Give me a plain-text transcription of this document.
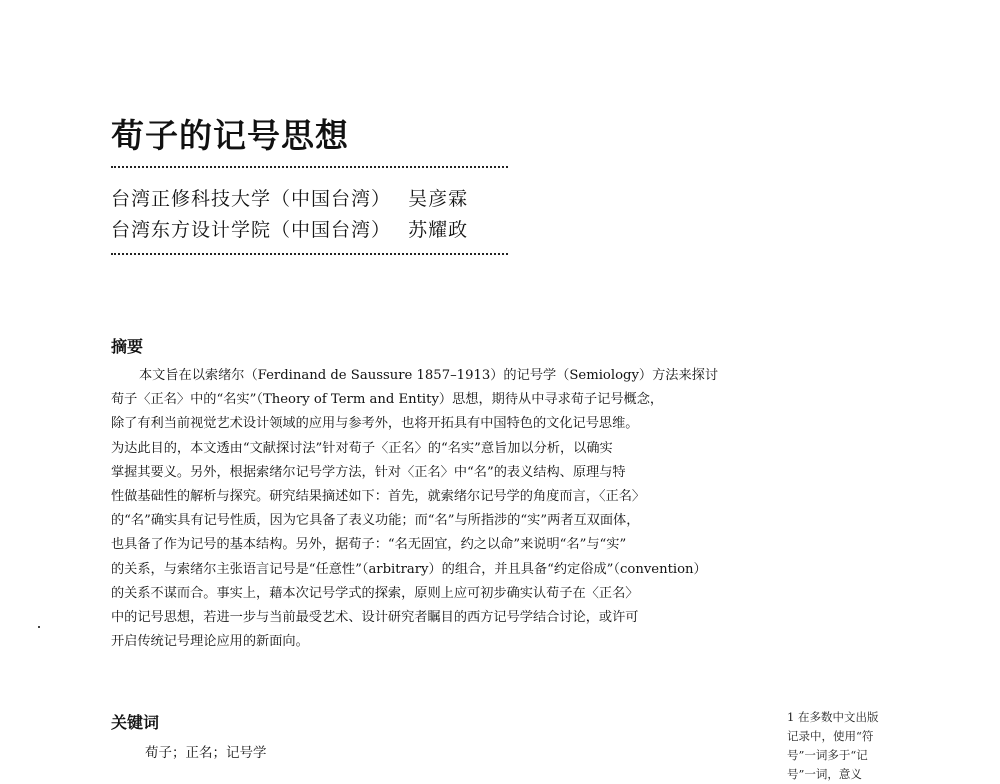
荀子的记号思想
台湾正修科技大学（中国台湾） 吴彦霖
台湾东方设计学院（中国台湾） 苏耀政
摘要
本文旨在以索绪尔（Ferdinand de Saussure 1857–1913）的记号学（Semiology）方法来探讨
荀子〈正名〉中的“名实”（Theory of Term and Entity）思想，期待从中寻求荀子记号概念，
除了有利当前视觉艺术设计领域的应用与参考外，也将开拓具有中国特色的文化记号思维。
为达此目的，本文透由“文献探讨法”针对荀子〈正名〉的“名实”意旨加以分析，以确实
掌握其要义。另外，根据索绪尔记号学方法，针对〈正名〉中“名”的表义结构、原理与特
性做基础性的解析与探究。研究结果摘述如下：首先，就索绪尔记号学的角度而言，〈正名〉
的“名”确实具有记号性质，因为它具备了表义功能；而“名”与所指涉的“实”两者互双面体，
也具备了作为记号的基本结构。另外，据荀子：“名无固宜，约之以命”来说明“名”与“实”
的关系，与索绪尔主张语言记号是“任意性”（arbitrary）的组合，并且具备“约定俗成”（convention）
的关系不谋而合。事实上，藉本次记号学式的探索，原则上应可初步确实认荀子在〈正名〉
中的记号思想，若进一步与当前最受艺术、设计研究者瞩目的西方记号学结合讨论，或许可
开启传统记号理论应用的新面向。
关键词
荀子；正名；记号学
1 在多数中文出版
记录中，使用“符
号”一词多于“记
号”一词，意义
